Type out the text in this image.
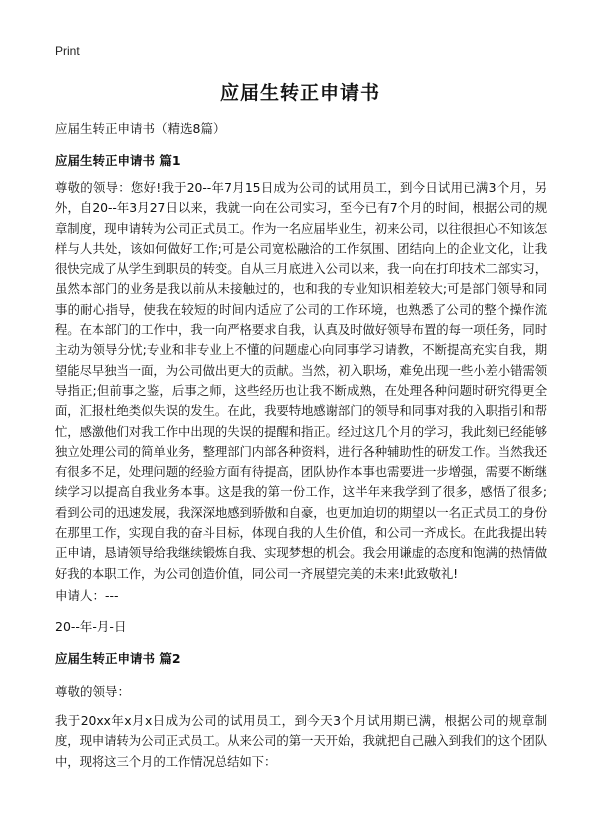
Print
应届生转正申请书
应届生转正申请书（精选8篇）
应届生转正申请书 篇1
尊敬的领导：您好!我于20--年7月15日成为公司的试用员工，到今日试用已满3个月，另外，自20--年3月27日以来，我就一向在公司实习，至今已有7个月的时间，根据公司的规章制度，现申请转为公司正式员工。作为一名应届毕业生，初来公司，以往很担心不知该怎样与人共处，该如何做好工作;可是公司宽松融洽的工作氛围、团结向上的企业文化，让我很快完成了从学生到职员的转变。自从三月底进入公司以来，我一向在打印技术二部实习，虽然本部门的业务是我以前从未接触过的，也和我的专业知识相差较大;可是部门领导和同事的耐心指导，使我在较短的时间内适应了公司的工作环境，也熟悉了公司的整个操作流程。在本部门的工作中，我一向严格要求自我，认真及时做好领导布置的每一项任务，同时主动为领导分忧;专业和非专业上不懂的问题虚心向同事学习请教，不断提高充实自我，期望能尽早独当一面，为公司做出更大的贡献。当然，初入职场，难免出现一些小差小错需领导指正;但前事之鉴，后事之师，这些经历也让我不断成熟，在处理各种问题时研究得更全面，汇报杜绝类似失误的发生。在此，我要特地感谢部门的领导和同事对我的入职指引和帮忙，感激他们对我工作中出现的失误的提醒和指正。经过这几个月的学习，我此刻已经能够独立处理公司的简单业务，整理部门内部各种资料，进行各种辅助性的研发工作。当然我还有很多不足，处理问题的经验方面有待提高，团队协作本事也需要进一步增强，需要不断继续学习以提高自我业务本事。这是我的第一份工作，这半年来我学到了很多，感悟了很多;看到公司的迅速发展，我深深地感到骄傲和自豪，也更加迫切的期望以一名正式员工的身份在那里工作，实现自我的奋斗目标，体现自我的人生价值，和公司一齐成长。在此我提出转正申请，恳请领导给我继续锻炼自我、实现梦想的机会。我会用谦虚的态度和饱满的热情做好我的本职工作，为公司创造价值，同公司一齐展望完美的未来!此致敬礼!
申请人：---
20--年-月-日
应届生转正申请书 篇2
尊敬的领导：
我于20xx年x月x日成为公司的试用员工，到今天3个月试用期已满，根据公司的规章制度，现申请转为公司正式员工。从来公司的第一天开始，我就把自己融入到我们的这个团队中，现将这三个月的工作情况总结如下：
